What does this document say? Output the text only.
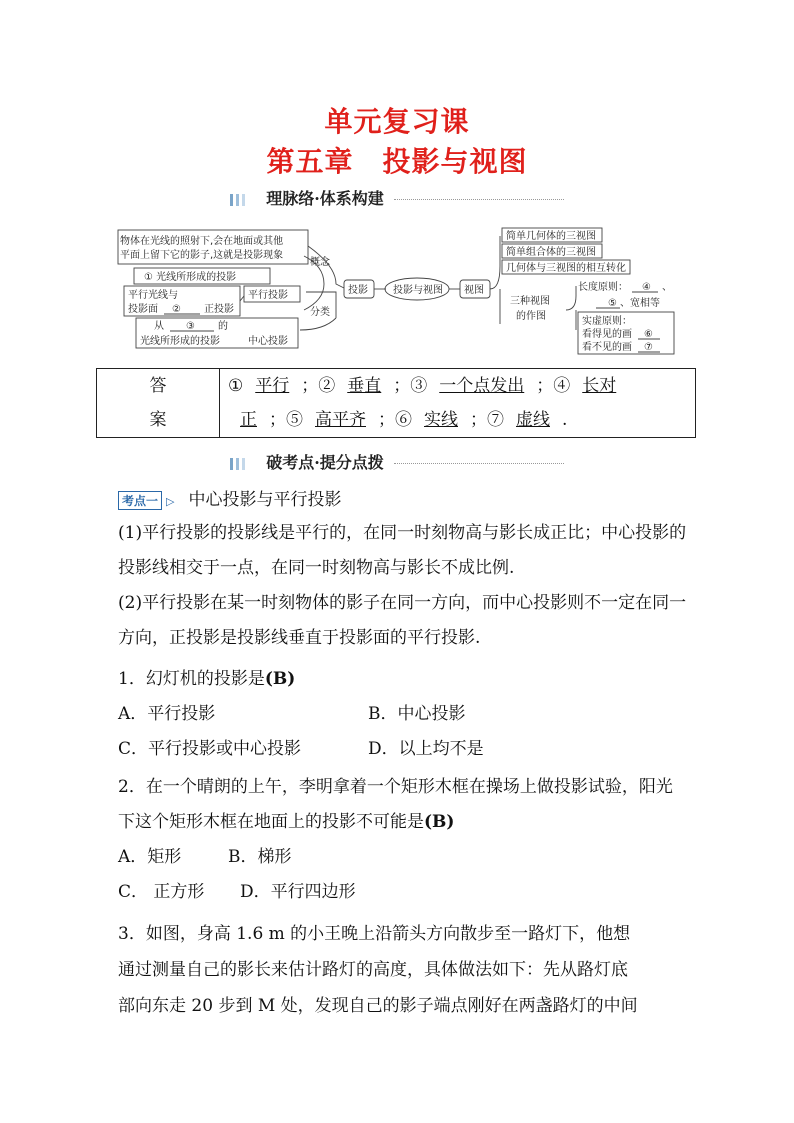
单元复习课
第五章　投影与视图
理脉络·体系构建
物体在光线的照射下,会在地面或其他
平面上留下它的影子,这就是投影现象
概念
① 光线所形成的投影
平行光线与
投影面 ② 正投影
平行投影
从 ③ 的
光线所形成的投影	中心投影
分类
投影	投影与视图 视图
简单几何体的三视图
简单组合体的三视图
几何体与三视图的相互转化
三种视图
的作图
长度原则： ④ 、
⑤ 、 宽相等
实虚原则：
看得见的画 ⑥
看不见的画 ⑦
答
案

① 平行 ；② 垂直 ；③ 一个点发出 ；④ 长对
正 ；⑤ 高平齐 ；⑥ 实线 ；⑦ 虚线 .
破考点·提分点拨
考点一 ▷ 中心投影与平行投影
(1)平行投影的投影线是平行的，在同一时刻物高与影长成正比；中心投影的投影线相交于一点，在同一时刻物高与影长不成比例.
(2)平行投影在某一时刻物体的影子在同一方向，而中心投影则不一定在同一方向，正投影是投影线垂直于投影面的平行投影.
1．幻灯机的投影是(B)
A．平行投影	B．中心投影
C．平行投影或中心投影	D．以上均不是
2．在一个晴朗的上午，李明拿着一个矩形木框在操场上做投影试验，阳光下这个矩形木框在地面上的投影不可能是(B)
A．矩形	B．梯形
C． 正方形 D．平行四边形
3．如图，身高 1.6 m 的小王晚上沿箭头方向散步至一路灯下，他想
通过测量自己的影长来估计路灯的高度，具体做法如下：先从路灯底
部向东走 20 步到 M 处，发现自己的影子端点刚好在两盏路灯的中间
